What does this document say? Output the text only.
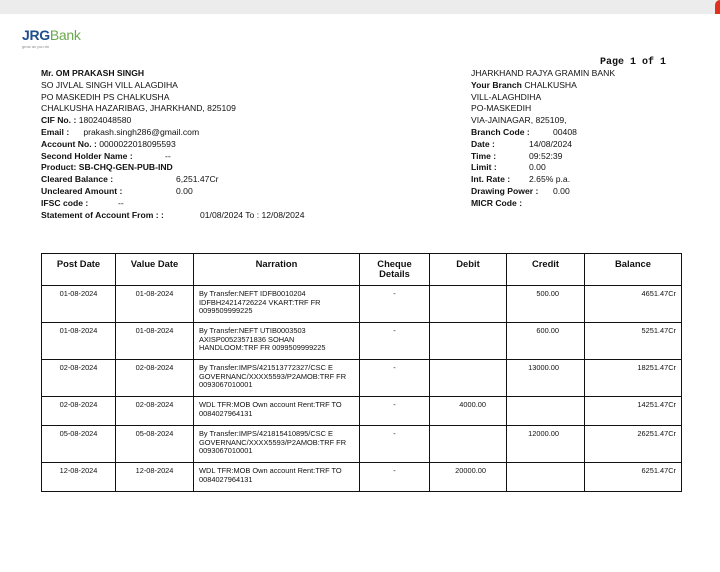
JRGBank
grow as you do
Page 1 of 1
Mr. OM PRAKASH SINGH
SO JIVLAL SINGH VILL ALAGDIHA
PO MASKEDIH PS CHALKUSHA
CHALKUSHA HAZARIBAG, JHARKHAND, 825109
CIF No. : 18024048580
Email : prakash.singh286@gmail.com
Account No. : 0000022018095593
Second Holder Name :	--
Product: SB-CHQ-GEN-PUB-IND
Cleared Balance :	6,251.47Cr
Uncleared Amount :	0.00
IFSC code :	--
Statement of Account From : :	01/08/2024 To : 12/08/2024
JHARKHAND RAJYA GRAMIN BANK
Your Branch CHALKUSHA
VILL-ALAGHDIHA
PO-MASKEDIH
VIA-JAINAGAR, 825109,
Branch Code :	00408
Date :	14/08/2024
Time :	09:52:39
Limit :	0.00
Int. Rate : 2.65% p.a.
Drawing Power : 0.00
MICR Code :
Post Date	Value Date	Narration	Cheque Details	Debit	Credit	Balance
01-08-2024	01-08-2024	By Transfer:NEFT IDFB0010204 IDFBH24214726224 VKART:TRF FR 0099509999225	-		500.00	4651.47Cr
01-08-2024	01-08-2024	By Transfer:NEFT UTIB0003503 AXISP00523571836 SOHAN HANDLOOM:TRF FR 0099509999225	-		600.00	5251.47Cr
02-08-2024	02-08-2024	By Transfer:IMPS/421513772327/CSC E GOVERNANC/XXXX5593/P2AMOB:TRF FR 0093067010001	-		13000.00	18251.47Cr
02-08-2024	02-08-2024	WDL TFR:MOB Own account Rent:TRF TO 0084027964131	-	4000.00		14251.47Cr
05-08-2024	05-08-2024	By Transfer:IMPS/421815410895/CSC E GOVERNANC/XXXX5593/P2AMOB:TRF FR 0093067010001	-		12000.00	26251.47Cr
12-08-2024	12-08-2024	WDL TFR:MOB Own account Rent:TRF TO 0084027964131	-	20000.00		6251.47Cr
